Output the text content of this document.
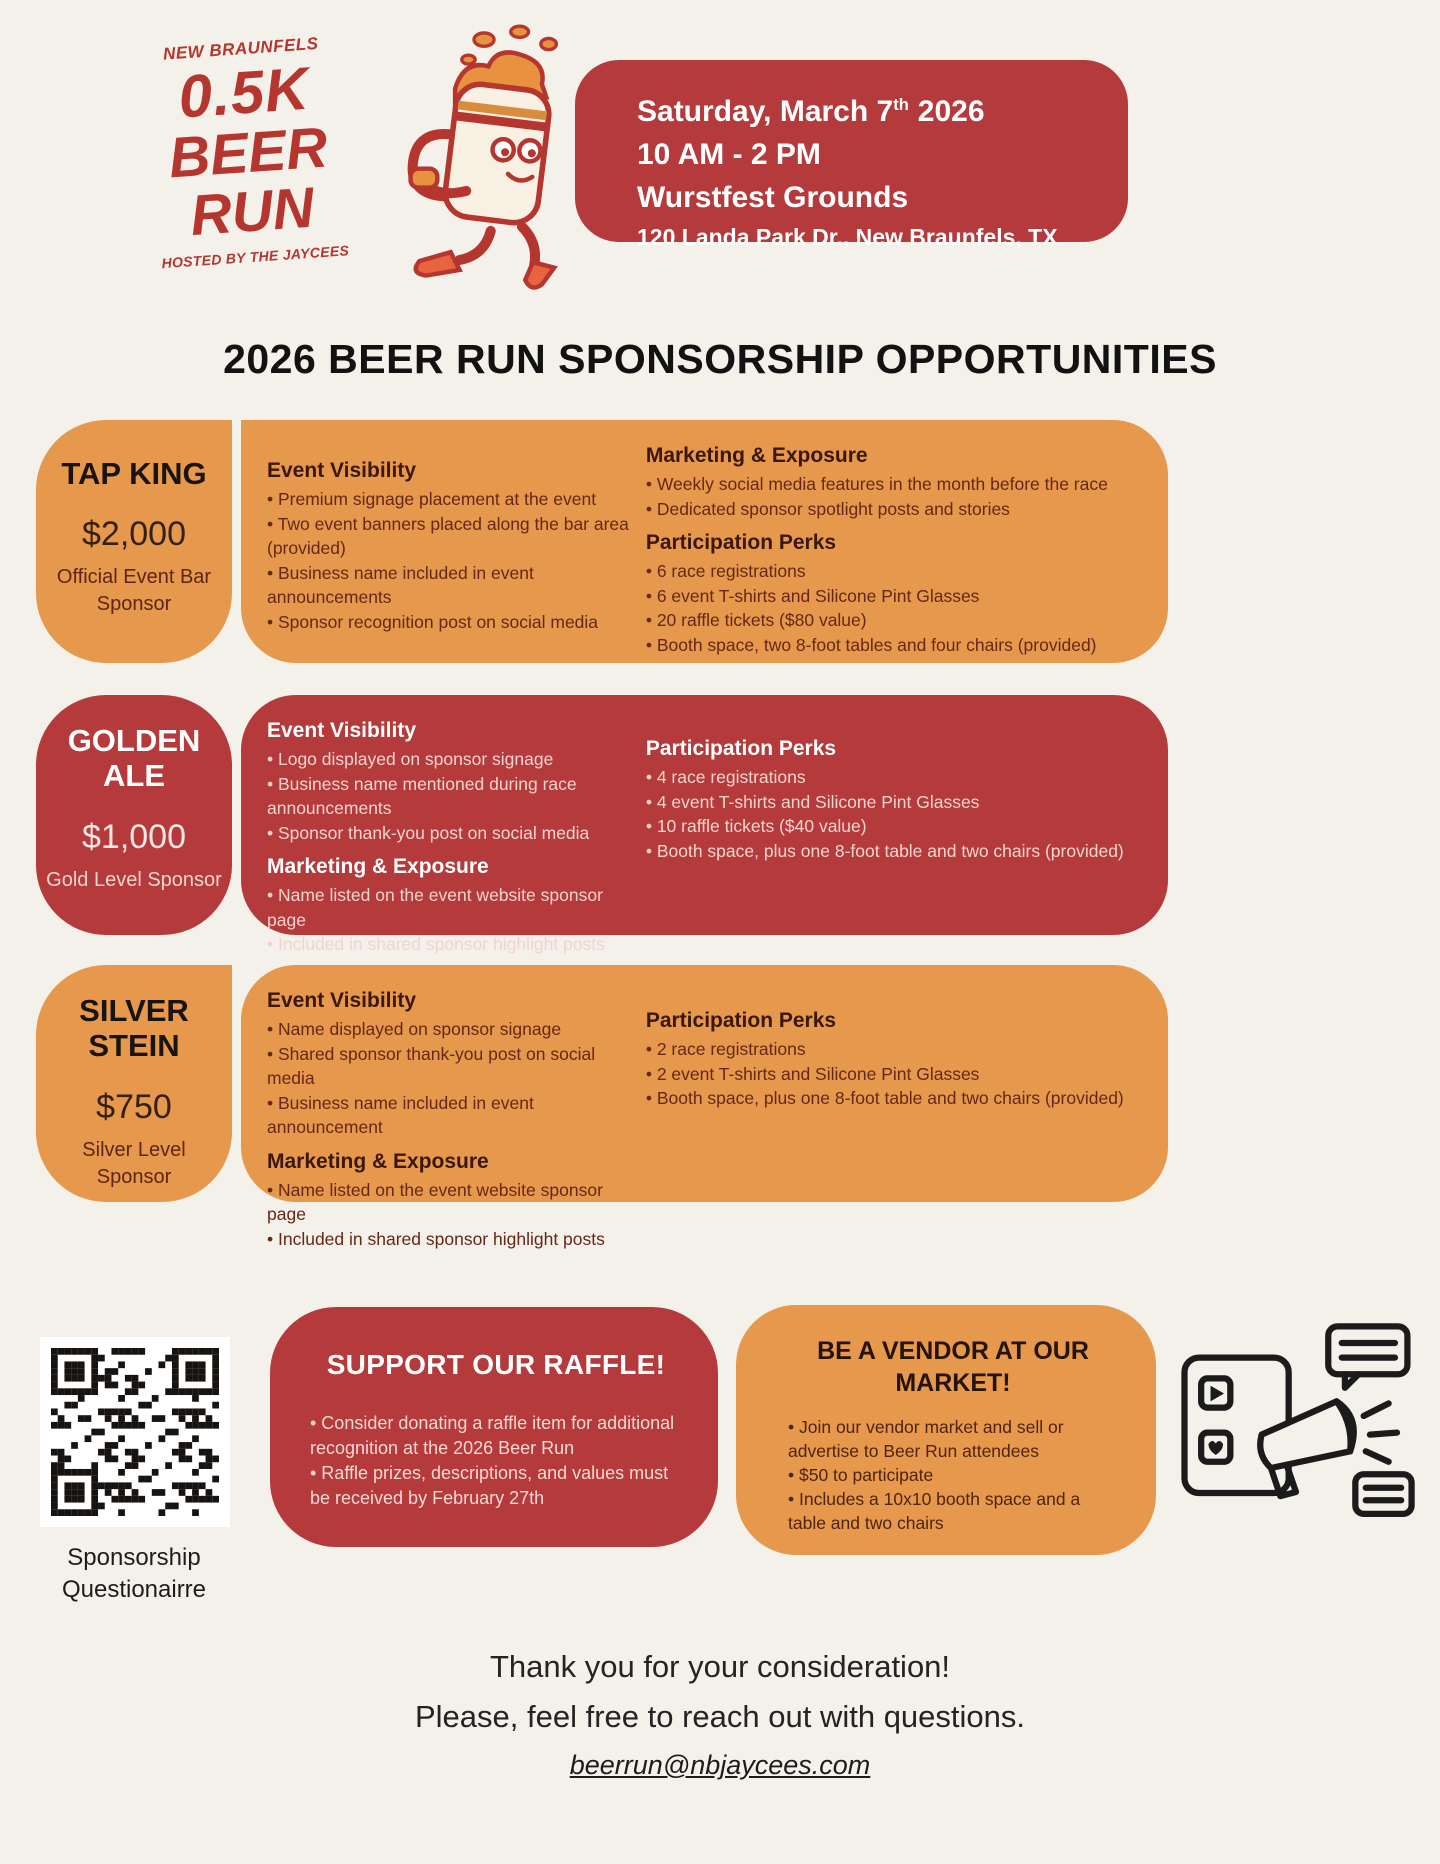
NEW BRAUNFELS
0.5K
BEER
RUN
HOSTED BY THE JAYCEES
Saturday, March 7th 2026
10 AM - 2 PM
Wurstfest Grounds
120 Landa Park Dr., New Braunfels, TX
2026 BEER RUN SPONSORSHIP OPPORTUNITIES
TAP KING
$2,000
Official Event Bar Sponsor
Event Visibility
• Premium signage placement at the event
• Two event banners placed along the bar area (provided)
• Business name included in event announcements
• Sponsor recognition post on social media
Marketing & Exposure
• Weekly social media features in the month before the race
• Dedicated sponsor spotlight posts and stories
Participation Perks
• 6 race registrations
• 6 event T-shirts and Silicone Pint Glasses
• 20 raffle tickets ($80 value)
• Booth space, two 8-foot tables and four chairs (provided)
GOLDEN ALE
$1,000
Gold Level Sponsor
Event Visibility
• Logo displayed on sponsor signage
• Business name mentioned during race announcements
• Sponsor thank-you post on social media
Marketing & Exposure
• Name listed on the event website sponsor page
• Included in shared sponsor highlight posts
Participation Perks
• 4 race registrations
• 4 event T-shirts and Silicone Pint Glasses
• 10 raffle tickets ($40 value)
• Booth space, plus one 8-foot table and two chairs (provided)
SILVER STEIN
$750
Silver Level Sponsor
Event Visibility
• Name displayed on sponsor signage
• Shared sponsor thank-you post on social media
• Business name included in event announcement
Marketing & Exposure
• Name listed on the event website sponsor page
• Included in shared sponsor highlight posts
Participation Perks
• 2 race registrations
• 2 event T-shirts and Silicone Pint Glasses
• Booth space, plus one 8-foot table and two chairs (provided)
Sponsorship Questionairre
SUPPORT OUR RAFFLE!
• Consider donating a raffle item for additional recognition at the 2026 Beer Run
• Raffle prizes, descriptions, and values must be received by February 27th
BE A VENDOR AT OUR MARKET!
• Join our vendor market and sell or advertise to Beer Run attendees
• $50 to participate
• Includes a 10x10 booth space and a table and two chairs
Thank you for your consideration!
Please, feel free to reach out with questions.
beerrun@nbjaycees.com
